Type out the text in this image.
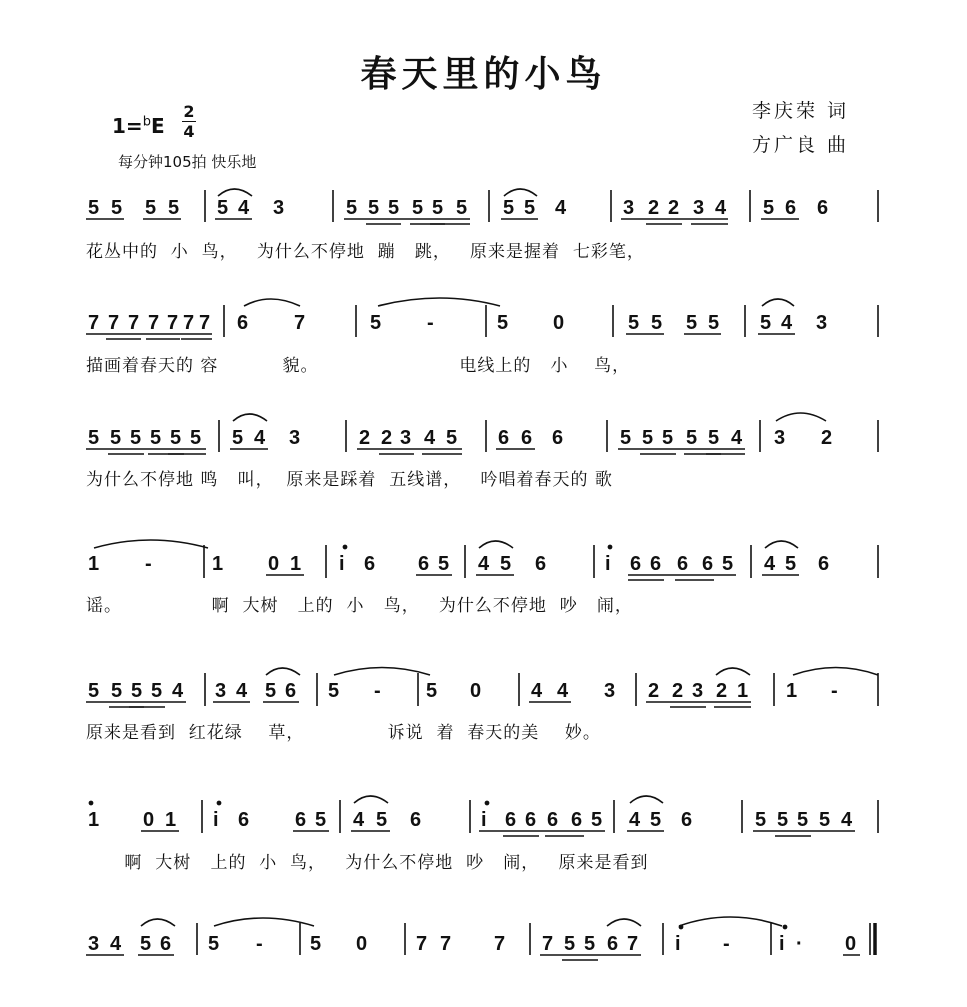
春天里的小鸟
李庆荣 词
方广良 曲
1=$^b$E
2
4
每分钟105拍 快乐地
5 5 5 5 5 4 3	5 5 5 5 5 5 5 5 4	3 2 2 3 4 5 6 6
7 7 7 7 7 7 7 6 7	5 -	5 0	5 5 5 5 5 4 3
5 5 5 5 5 5 5 4 3	2 2 3 4 5 6 6 6	5 5 5 5 5 4 3 2
1 -	1 0 1 i 6 6 5 4 5 6	i 6 6 6 6 5 4 5 6
5 5 5 5 4 3 4 5 6 5 - 5 0 4 4 3 2 2 3 2 1 1 -
1 0 1 i 6 6 5 4 5 6	i 6 6 6 6 5 4 5 6	5 5 5 5 4
3 4 5 6 5 - 5 0 7 7 7 7 5 5 6 7 i - i · 0
花丛中的  小  鸟，   为什么不停地  蹦   跳，   原来是握着  七彩笔，
描画着春天的 容          貌。                      电线上的   小    鸟，
为什么不停地 鸣   叫，  原来是踩着  五线谱，   吟唱着春天的 歌
谣。              啊  大树   上的  小   鸟，   为什么不停地  吵   闹，
原来是看到  红花绿    草，             诉说  着  春天的美    妙。
啊  大树   上的  小  鸟，   为什么不停地  吵   闹，   原来是看到
